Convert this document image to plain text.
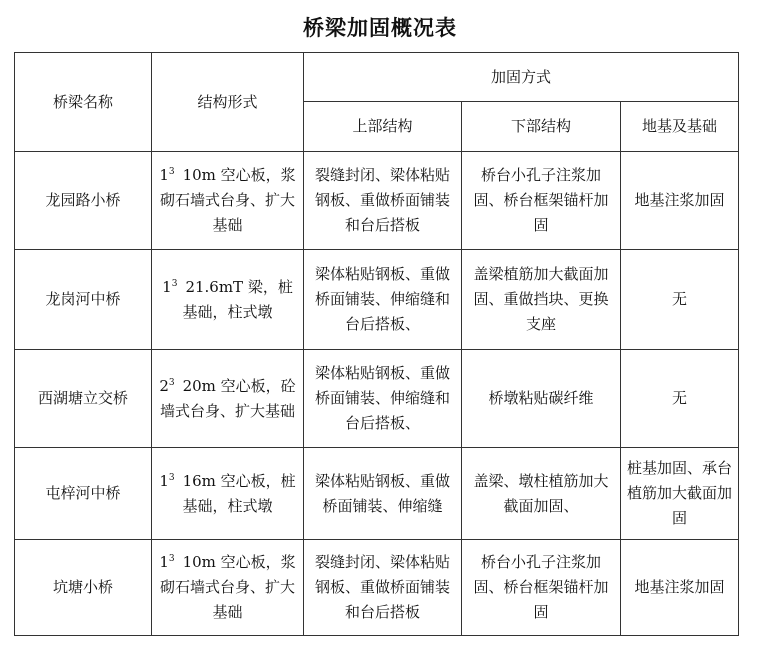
桥梁加固概况表
桥梁名称	结构形式	加固方式		
		上部结构	下部结构	地基及基础
龙园路小桥	$1^3$ 10m 空心板，浆砌石墙式台身、扩大基础	裂缝封闭、梁体粘贴钢板、重做桥面铺装和台后搭板	桥台小孔子注浆加固、桥台框架锚杆加固	地基注浆加固
龙岗河中桥	$1^3$ 21.6mT 梁，桩基础，柱式墩	梁体粘贴钢板、重做桥面铺装、伸缩缝和台后搭板、	盖梁植筋加大截面加固、重做挡块、更换支座	无
西湖塘立交桥	$2^3$ 20m 空心板，砼墙式台身、扩大基础	梁体粘贴钢板、重做桥面铺装、伸缩缝和台后搭板、	桥墩粘贴碳纤维	无
屯梓河中桥	$1^3$ 16m 空心板，桩基础，柱式墩	梁体粘贴钢板、重做桥面铺装、伸缩缝	盖梁、墩柱植筋加大截面加固、	桩基加固、承台植筋加大截面加固
坑塘小桥	$1^3$ 10m 空心板，浆砌石墙式台身、扩大基础	裂缝封闭、梁体粘贴钢板、重做桥面铺装和台后搭板	桥台小孔子注浆加固、桥台框架锚杆加固	地基注浆加固
